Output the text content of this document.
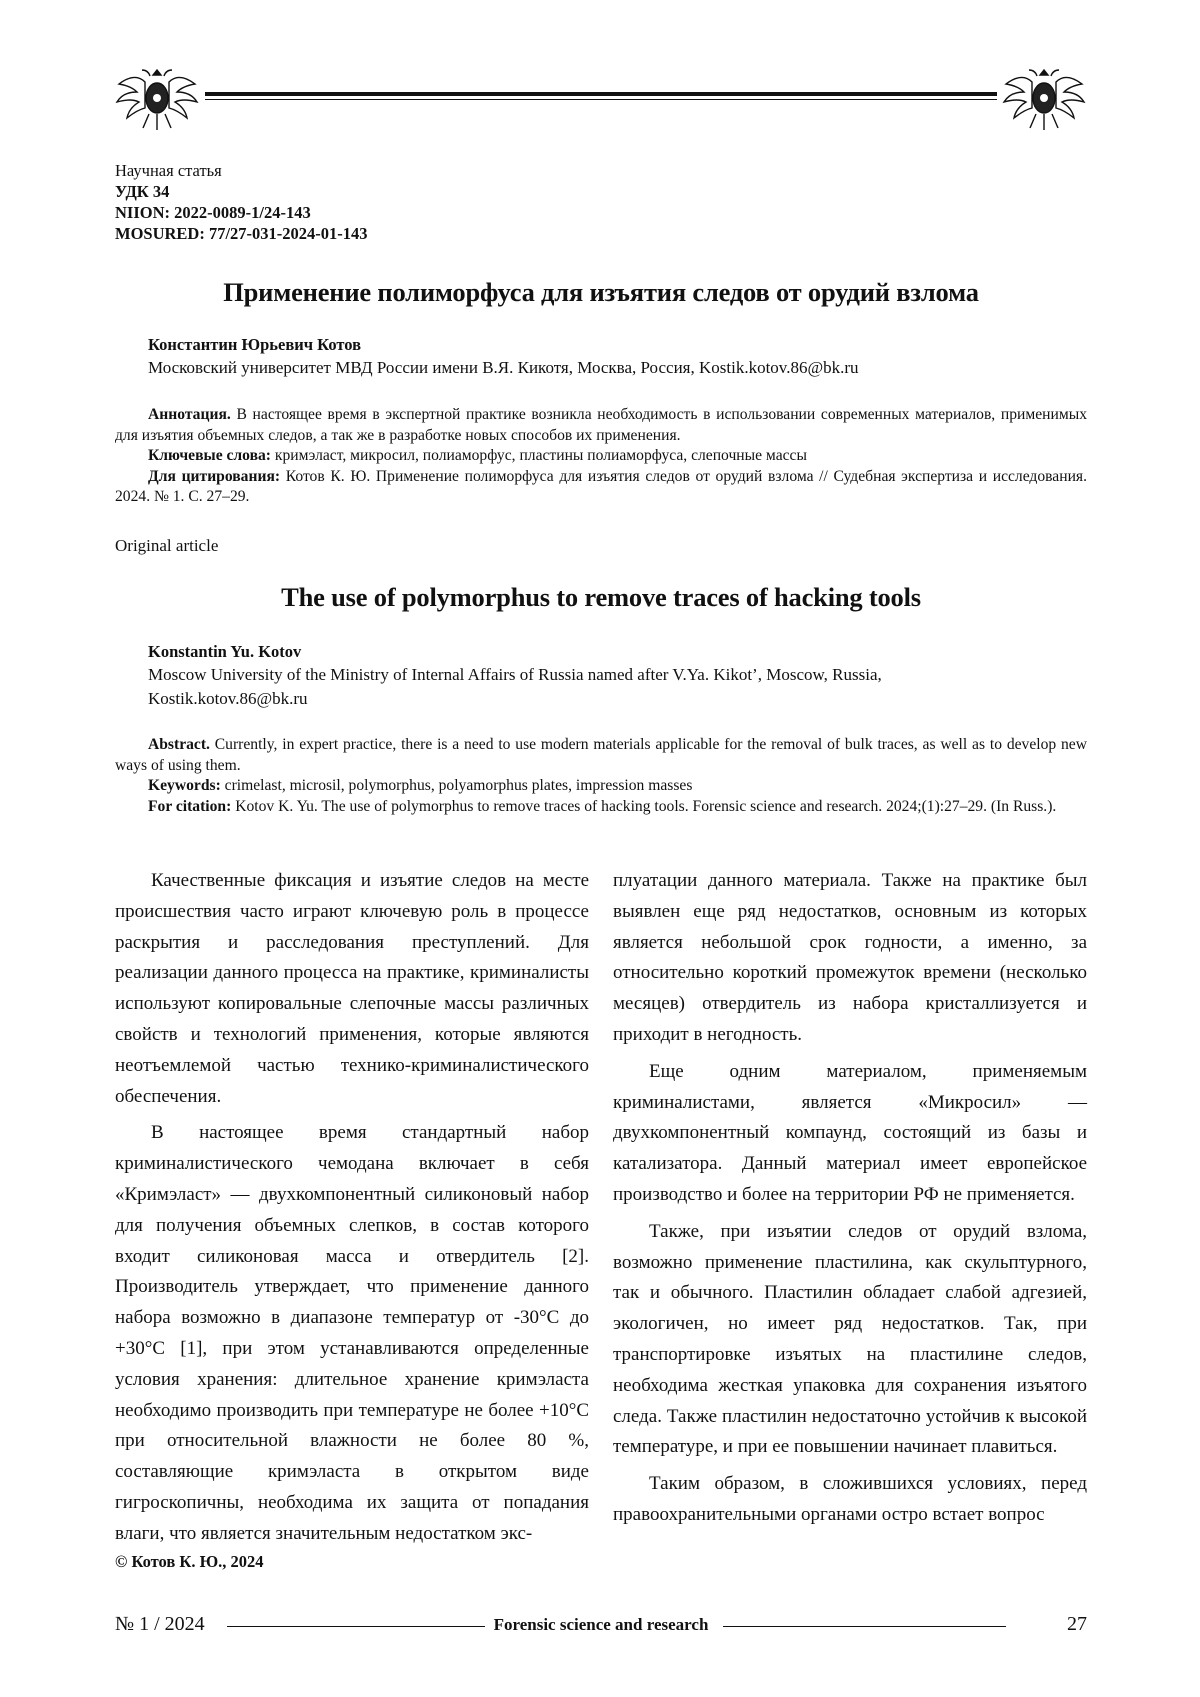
Научная статья
УДК 34
NIION: 2022-0089-1/24-143
MOSURED: 77/27-031-2024-01-143
Применение полиморфуса для изъятия следов от орудий взлома
Константин Юрьевич Котов
Московский университет МВД России имени В.Я. Кикотя, Москва, Россия, Kostik.kotov.86@bk.ru

Аннотация. В настоящее время в экспертной практике возникла необходимость в использовании современных материалов, применимых для изъятия объемных следов, а так же в разработке новых способов их применения.

Ключевые слова: кримэласт, микросил, полиаморфус, пластины полиаморфуса, слепочные массы

Для цитирования: Котов К. Ю. Применение полиморфуса для изъятия следов от орудий взлома // Судебная экспертиза и исследования. 2024. № 1. С. 27–29.

Original article
The use of polymorphus to remove traces of hacking tools
Konstantin Yu. Kotov
Moscow University of the Ministry of Internal Affairs of Russia named after V.Ya. Kikot’, Moscow, Russia,
Kostik.kotov.86@bk.ru

Abstract. Currently, in expert practice, there is a need to use modern materials applicable for the removal of bulk traces, as well as to develop new ways of using them.

Keywords: crimelast, microsil, polymorphus, polyamorphus plates, impression masses

For citation: Kotov K. Yu. The use of polymorphus to remove traces of hacking tools. Forensic science and research. 2024;(1):27–29. (In Russ.).

Качественные фиксация и изъятие следов на месте происшествия часто играют ключевую роль в процессе раскрытия и расследования преступлений. Для реализации данного процесса на практике, криминалисты используют копировальные слепочные массы различных свойств и технологий применения, которые являются неотъемлемой частью технико-криминалистического обеспечения.

В настоящее время стандартный набор криминалистического чемодана включает в себя «Кримэласт» — двухкомпонентный силиконовый набор для получения объемных слепков, в состав которого входит силиконовая масса и отвердитель [2]. Производитель утверждает, что применение данного набора возможно в диапазоне температур от -30°C до +30°C [1], при этом устанавливаются определенные условия хранения: длительное хранение кримэласта необходимо производить при температуре не более +10°C при относительной влажности не более 80 %, составляющие кримэласта в открытом виде гигроскопичны, необходима их защита от попадания влаги, что является значительным недостатком экс-

плуатации данного материала. Также на практике был выявлен еще ряд недостатков, основным из которых является небольшой срок годности, а именно, за относительно короткий промежуток времени (несколько месяцев) отвердитель из набора кристаллизуется и приходит в негодность.

Еще одним материалом, применяемым криминалистами, является «Микросил» — двухкомпонентный компаунд, состоящий из базы и катализатора. Данный материал имеет европейское производство и более на территории РФ не применяется.

Также, при изъятии следов от орудий взлома, возможно применение пластилина, как скульптурного, так и обычного. Пластилин обладает слабой адгезией, экологичен, но имеет ряд недостатков. Так, при транспортировке изъятых на пластилине следов, необходима жесткая упаковка для сохранения изъятого следа. Также пластилин недостаточно устойчив к высокой температуре, и при ее повышении начинает плавиться.

Таким образом, в сложившихся условиях, перед правоохранительными органами остро встает вопрос

© Котов К. Ю., 2024
№ 1 / 2024	Forensic science and research	27
